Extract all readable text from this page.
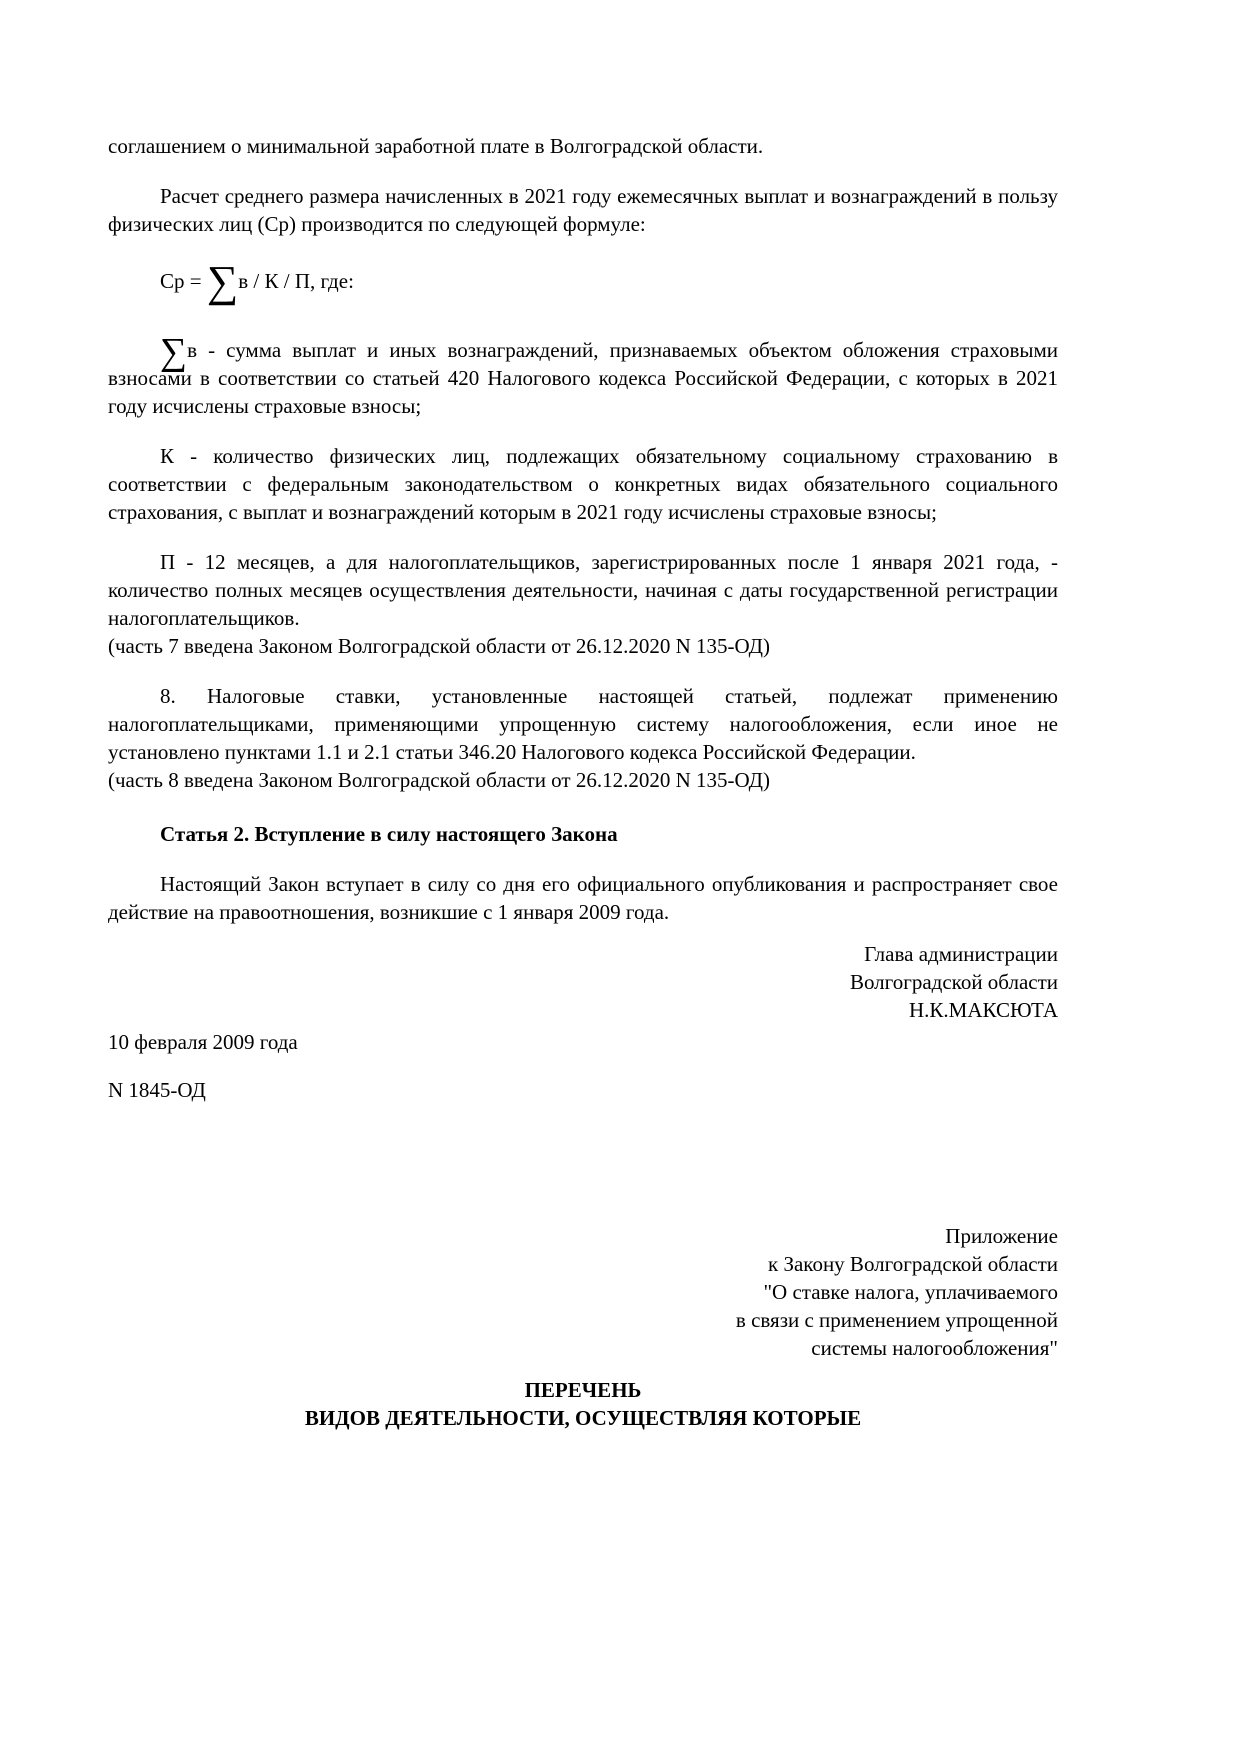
соглашением о минимальной заработной плате в Волгоградской области.

Расчет среднего размера начисленных в 2021 году ежемесячных выплат и вознаграждений в пользу физических лиц (Ср) производится по следующей формуле:

Ср = ∑в / К / П, где:

∑в - сумма выплат и иных вознаграждений, признаваемых объектом обложения страховыми взносами в соответствии со статьей 420 Налогового кодекса Российской Федерации, с которых в 2021 году исчислены страховые взносы;

К - количество физических лиц, подлежащих обязательному социальному страхованию в соответствии с федеральным законодательством о конкретных видах обязательного социального страхования, с выплат и вознаграждений которым в 2021 году исчислены страховые взносы;

П - 12 месяцев, а для налогоплательщиков, зарегистрированных после 1 января 2021 года, - количество полных месяцев осуществления деятельности, начиная с даты государственной регистрации налогоплательщиков.

(часть 7 введена Законом Волгоградской области от 26.12.2020 N 135-ОД)

8. Налоговые ставки, установленные настоящей статьей, подлежат применению налогоплательщиками, применяющими упрощенную систему налогообложения, если иное не установлено пунктами 1.1 и 2.1 статьи 346.20 Налогового кодекса Российской Федерации.

(часть 8 введена Законом Волгоградской области от 26.12.2020 N 135-ОД)

Статья 2. Вступление в силу настоящего Закона

Настоящий Закон вступает в силу со дня его официального опубликования и распространяет свое действие на правоотношения, возникшие с 1 января 2009 года.

Глава администрации
Волгоградской области
Н.К.МАКСЮТА

10 февраля 2009 года

N 1845-ОД

Приложение
к Закону Волгоградской области
"О ставке налога, уплачиваемого
в связи с применением упрощенной
системы налогообложения"

ПЕРЕЧЕНЬ

ВИДОВ ДЕЯТЕЛЬНОСТИ, ОСУЩЕСТВЛЯЯ КОТОРЫЕ
